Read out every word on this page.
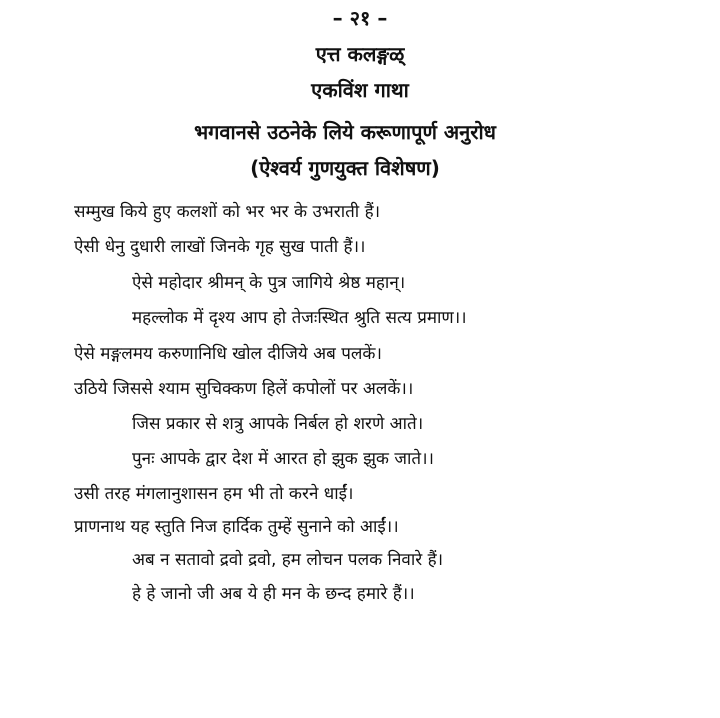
– २१ –
एत्त कलङ्गळ्
एकविंश गाथा
भगवानसे उठनेके लिये करूणापूर्ण अनुरोध
(ऐश्वर्य गुणयुक्त विशेषण)
सम्मुख किये हुए कलशों को भर भर के उभराती हैं।
ऐसी धेनु दुधारी लाखों जिनके गृह सुख पाती हैं।।
ऐसे महोदार श्रीमन् के पुत्र जागिये श्रेष्ठ महान्।
महल्लोक में दृश्य आप हो तेजःस्थित श्रुति सत्य प्रमाण।।
ऐसे मङ्गलमय करुणानिधि खोल दीजिये अब पलकें।
उठिये जिससे श्याम सुचिक्कण हिलें कपोलों पर अलकें।।
जिस प्रकार से शत्रु आपके निर्बल हो शरणे आते।
पुनः आपके द्वार देश में आरत हो झुक झुक जाते।।
उसी तरह मंगलानुशासन हम भी तो करने धाईं।
प्राणनाथ यह स्तुति निज हार्दिक तुम्हें सुनाने को आईं।।
अब न सतावो द्रवो द्रवो, हम लोचन पलक निवारे हैं।
हे हे जानो जी अब ये ही मन के छन्द हमारे हैं।।
